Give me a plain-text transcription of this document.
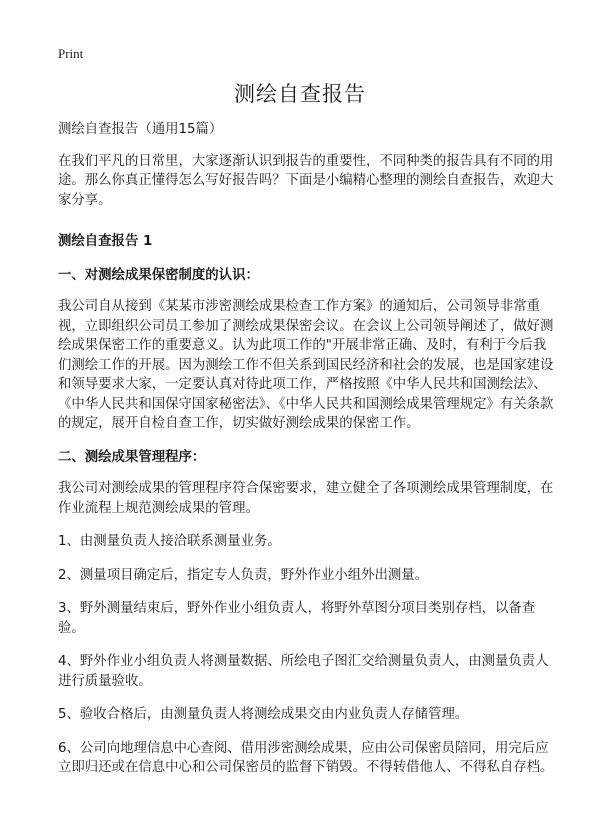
Print
测绘自查报告

测绘自查报告（通用15篇）

在我们平凡的日常里，大家逐渐认识到报告的重要性，不同种类的报告具有不同的用途。那么你真正懂得怎么写好报告吗？下面是小编精心整理的测绘自查报告，欢迎大家分享。

测绘自查报告 1

一、对测绘成果保密制度的认识：

我公司自从接到《某某市涉密测绘成果检查工作方案》的通知后，公司领导非常重视，立即组织公司员工参加了测绘成果保密会议。在会议上公司领导阐述了，做好测绘成果保密工作的重要意义。认为此项工作的"开展非常正确、及时，有利于今后我们测绘工作的开展。因为测绘工作不但关系到国民经济和社会的发展，也是国家建设和领导要求大家，一定要认真对待此项工作，严格按照《中华人民共和国测绘法》、《中华人民共和国保守国家秘密法》、《中华人民共和国测绘成果管理规定》有关条款的规定，展开自检自查工作，切实做好测绘成果的保密工作。

二、测绘成果管理程序：

我公司对测绘成果的管理程序符合保密要求，建立健全了各项测绘成果管理制度，在作业流程上规范测绘成果的管理。

1、由测量负责人接洽联系测量业务。

2、测量项目确定后，指定专人负责，野外作业小组外出测量。

3、野外测量结束后，野外作业小组负责人，将野外草图分项目类别存档，以备查验。

4、野外作业小组负责人将测量数据、所绘电子图汇交给测量负责人，由测量负责人进行质量验收。

5、验收合格后，由测量负责人将测绘成果交由内业负责人存储管理。

6、公司向地理信息中心查阅、借用涉密测绘成果，应由公司保密员陪同，用完后应立即归还或在信息中心和公司保密员的监督下销毁。不得转借他人、不得私自存档。
